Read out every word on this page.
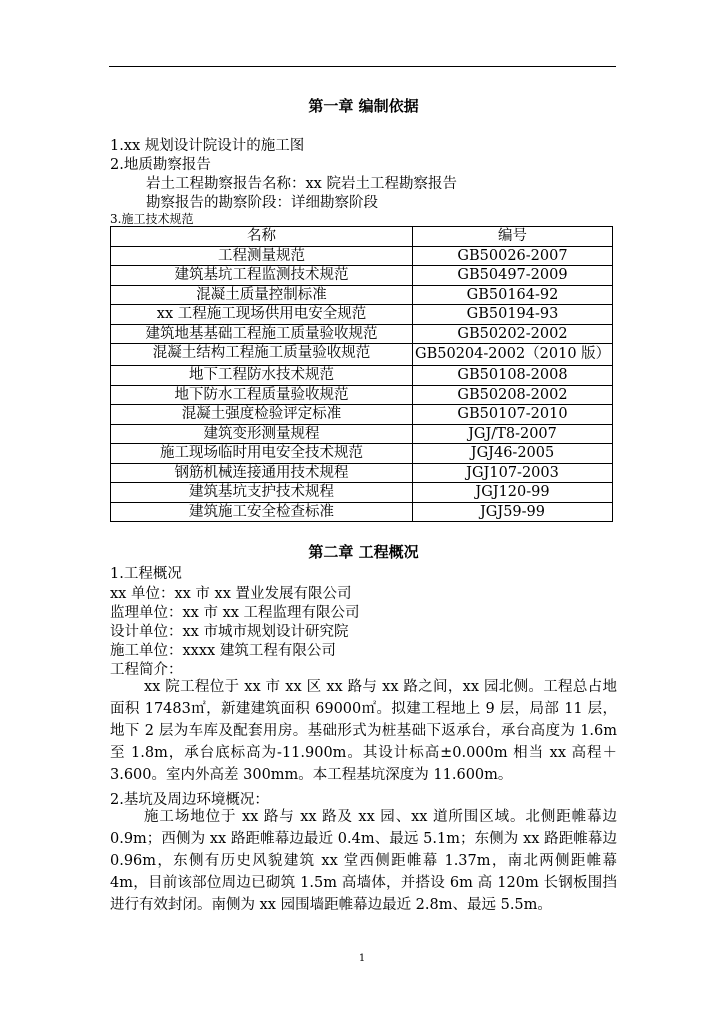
第一章 编制依据
1.xx 规划设计院设计的施工图
2.地质勘察报告
岩土工程勘察报告名称：xx 院岩土工程勘察报告
勘察报告的勘察阶段：详细勘察阶段
3.施工技术规范
名称	编号
工程测量规范	GB50026-2007
建筑基坑工程监测技术规范	GB50497-2009
混凝土质量控制标准	GB50164-92
xx 工程施工现场供用电安全规范	GB50194-93
建筑地基基础工程施工质量验收规范	GB50202-2002
混凝土结构工程施工质量验收规范	GB50204-2002（2010 版）
地下工程防水技术规范	GB50108-2008
地下防水工程质量验收规范	GB50208-2002
混凝土强度检验评定标准	GB50107-2010
建筑变形测量规程	JGJ/T8-2007
施工现场临时用电安全技术规范	JGJ46-2005
钢筋机械连接通用技术规程	JGJ107-2003
建筑基坑支护技术规程	JGJ120-99
建筑施工安全检查标准	JGJ59-99
第二章 工程概况
1.工程概况
xx 单位：xx 市 xx 置业发展有限公司
监理单位：xx 市 xx 工程监理有限公司
设计单位：xx 市城市规划设计研究院
施工单位：xxxx 建筑工程有限公司
工程简介：
xx 院工程位于 xx 市 xx 区 xx 路与 xx 路之间，xx 园北侧。工程总占地面积 17483㎡，新建建筑面积 69000㎡。拟建工程地上 9 层，局部 11 层，地下 2 层为车库及配套用房。基础形式为桩基础下返承台，承台高度为 1.6m 至 1.8m，承台底标高为-11.900m。其设计标高±0.000m 相当 xx 高程＋3.600。室内外高差 300mm。本工程基坑深度为 11.600m。
2.基坑及周边环境概况：
施工场地位于 xx 路与 xx 路及 xx 园、xx 道所围区域。北侧距帷幕边 0.9m；西侧为 xx 路距帷幕边最近 0.4m、最远 5.1m；东侧为 xx 路距帷幕边 0.96m，东侧有历史风貌建筑 xx 堂西侧距帷幕 1.37m，南北两侧距帷幕 4m，目前该部位周边已砌筑 1.5m 高墙体，并搭设 6m 高 120m 长钢板围挡进行有效封闭。南侧为 xx 园围墙距帷幕边最近 2.8m、最远 5.5m。
1
